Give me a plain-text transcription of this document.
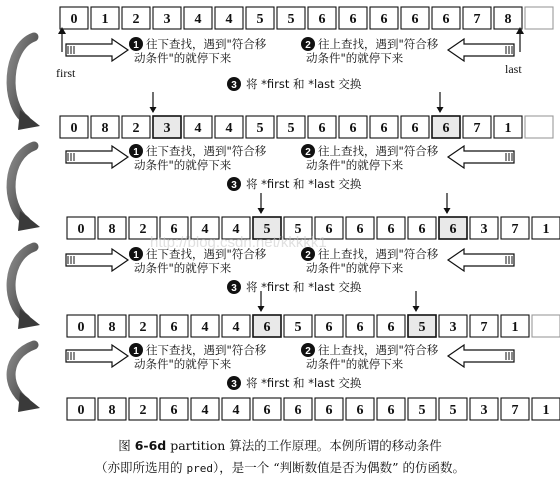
0 1 2 3 4 4 5 5 6 6 6 6 6 7 8
0 8 2 3 4 4 5 5 6 6 6 6 6 7 1
0 8 2 6 4 4 5 5 6 6 6 6 6 3 7 1
0 8 2 6 4 4 6 5 6 6 6 5 3 7 1
0 8 2 6 4 4 6 6 6 6 6 5 5 3 7 1
first	last
1 往下查找，遇到"符合移
动条件"的就停下来
2 往上查找，遇到"符合移
动条件"的就停下来
3 将 *first 和 *last 交换
1 往下查找，遇到"符合移
动条件"的就停下来
2 往上查找，遇到"符合移
动条件"的就停下来
3 将 *first 和 *last 交换
1 往下查找，遇到"符合移
动条件"的就停下来
2 往上查找，遇到"符合移
动条件"的就停下来
3 将 *first 和 *last 交换
1 往下查找，遇到"符合移
动条件"的就停下来
2 往上查找，遇到"符合移
动条件"的就停下来
3 将 *first 和 *last 交换
http://blog.csdn.net/kkkkk1
图 6-6d partition 算法的工作原理。本例所谓的移动条件
（亦即所选用的 pred），是一个 “判断数值是否为偶数” 的仿函数。
